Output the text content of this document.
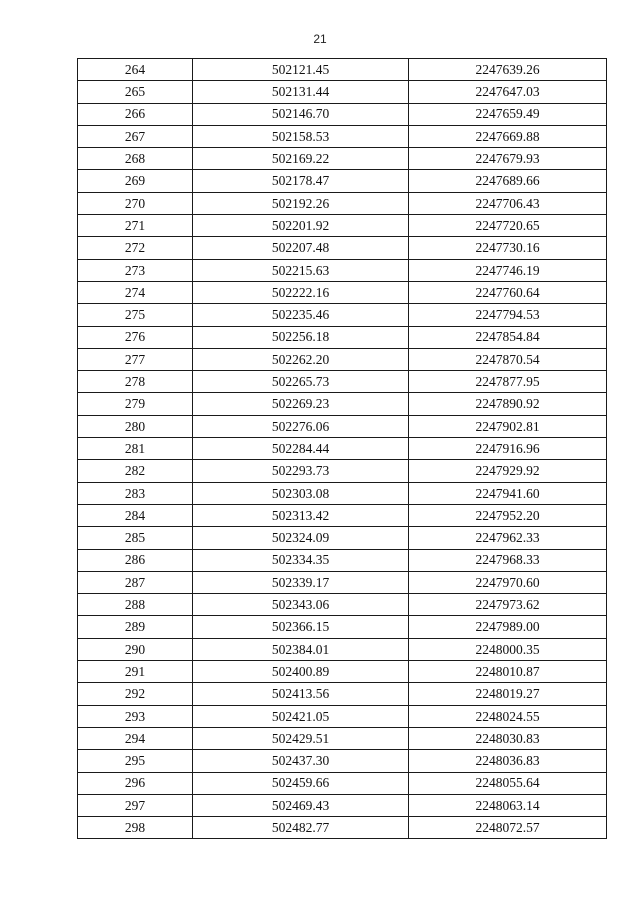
21
264	502121.45	2247639.26
265	502131.44	2247647.03
266	502146.70	2247659.49
267	502158.53	2247669.88
268	502169.22	2247679.93
269	502178.47	2247689.66
270	502192.26	2247706.43
271	502201.92	2247720.65
272	502207.48	2247730.16
273	502215.63	2247746.19
274	502222.16	2247760.64
275	502235.46	2247794.53
276	502256.18	2247854.84
277	502262.20	2247870.54
278	502265.73	2247877.95
279	502269.23	2247890.92
280	502276.06	2247902.81
281	502284.44	2247916.96
282	502293.73	2247929.92
283	502303.08	2247941.60
284	502313.42	2247952.20
285	502324.09	2247962.33
286	502334.35	2247968.33
287	502339.17	2247970.60
288	502343.06	2247973.62
289	502366.15	2247989.00
290	502384.01	2248000.35
291	502400.89	2248010.87
292	502413.56	2248019.27
293	502421.05	2248024.55
294	502429.51	2248030.83
295	502437.30	2248036.83
296	502459.66	2248055.64
297	502469.43	2248063.14
298	502482.77	2248072.57
